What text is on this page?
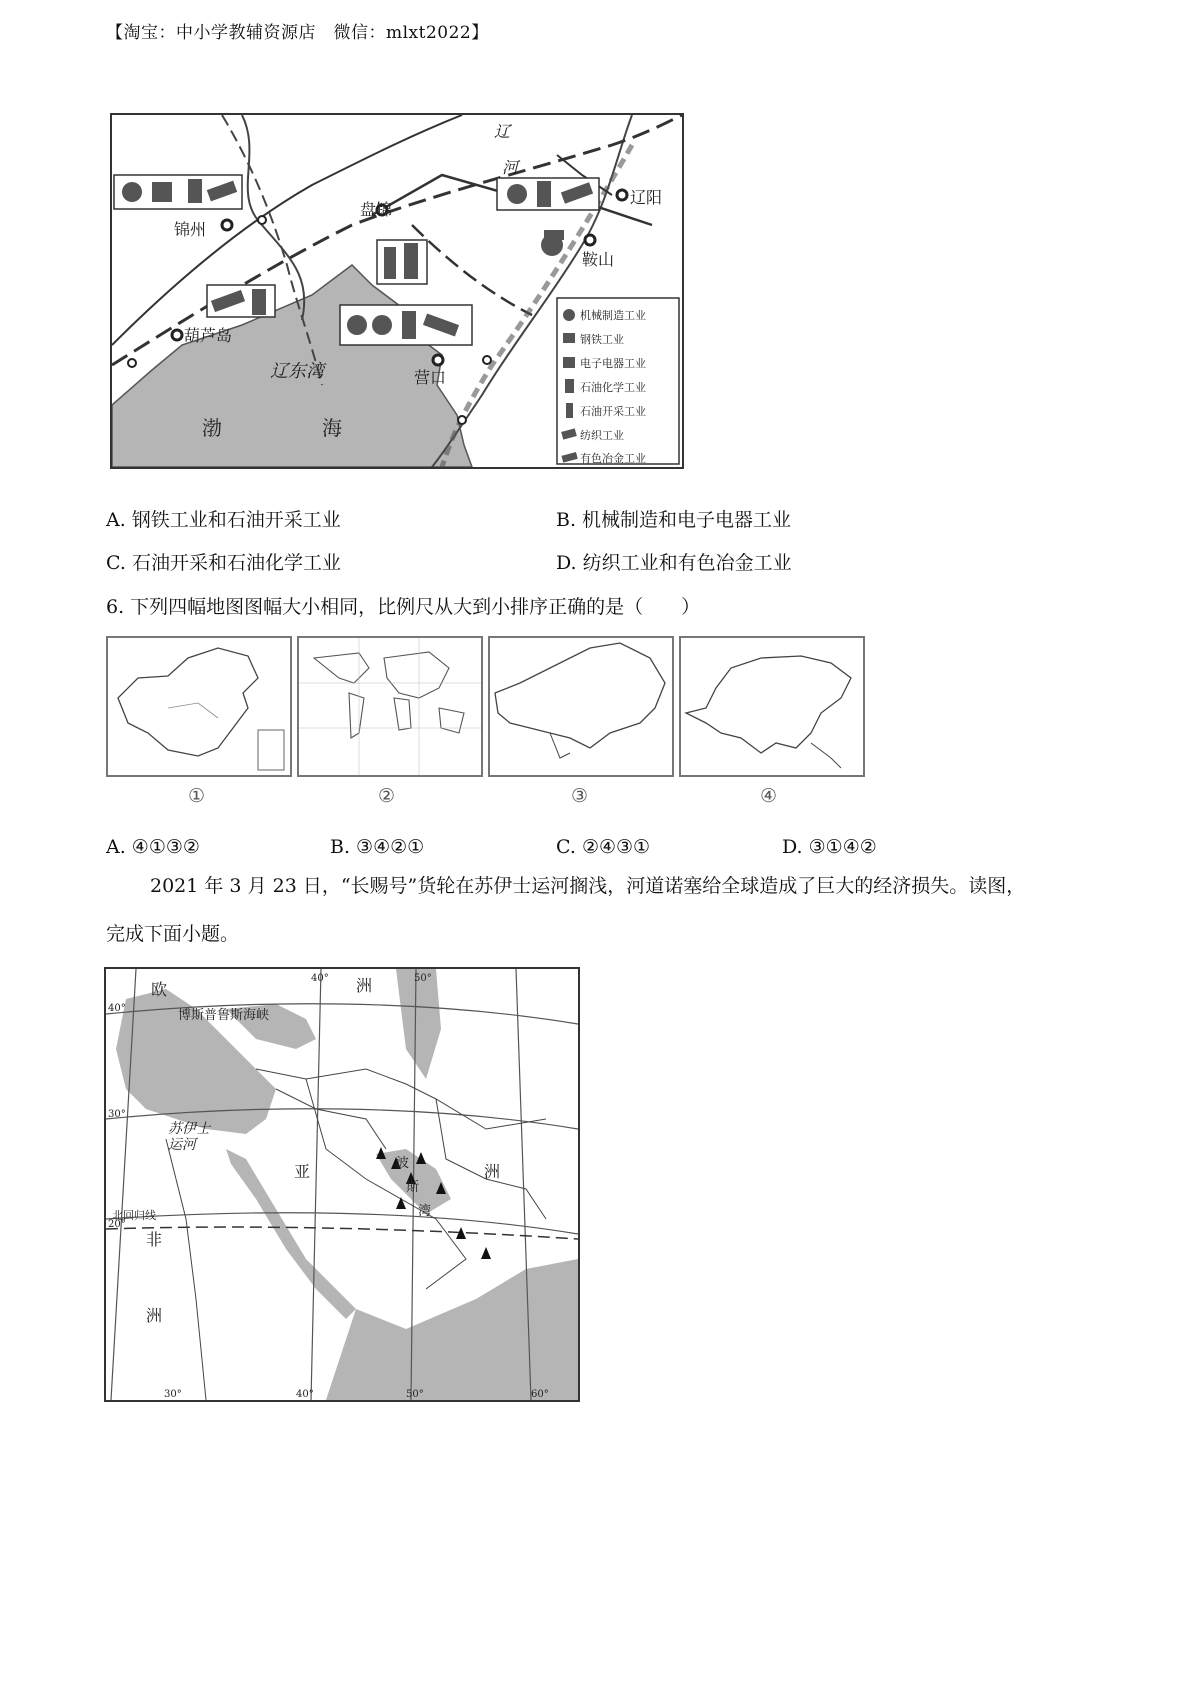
【淘宝：中小学教辅资源店　微信：mlxt2022】
机械制造工业
钢铁工业
电子电器工业
石油化学工业
石油开采工业
纺织工业
有色冶金工业
辽
河
锦州
盘锦
辽阳
鞍山
葫芦岛
营口
辽东湾
渤	海
A. 钢铁工业和石油开采工业	B. 机械制造和电子电器工业
C. 石油开采和石油化学工业	D. 纺织工业和有色冶金工业
6. 下列四幅地图图幅大小相同，比例尺从大到小排序正确的是（　　）
①	②	③	④
A. ④①③②	B. ③④②①	C. ②④③①	D. ③①④②
2021 年 3 月 23 日，“长赐号”货轮在苏伊士运河搁浅，河道诺塞给全球造成了巨大的经济损失。读图，
完成下面小题。
欧
博斯普鲁斯海峡
洲
苏伊士
运河
亚	波
斯
湾
洲
北回归线
非
洲
40°
30°
20°
30°	40°	50°	60°
40°	50°
